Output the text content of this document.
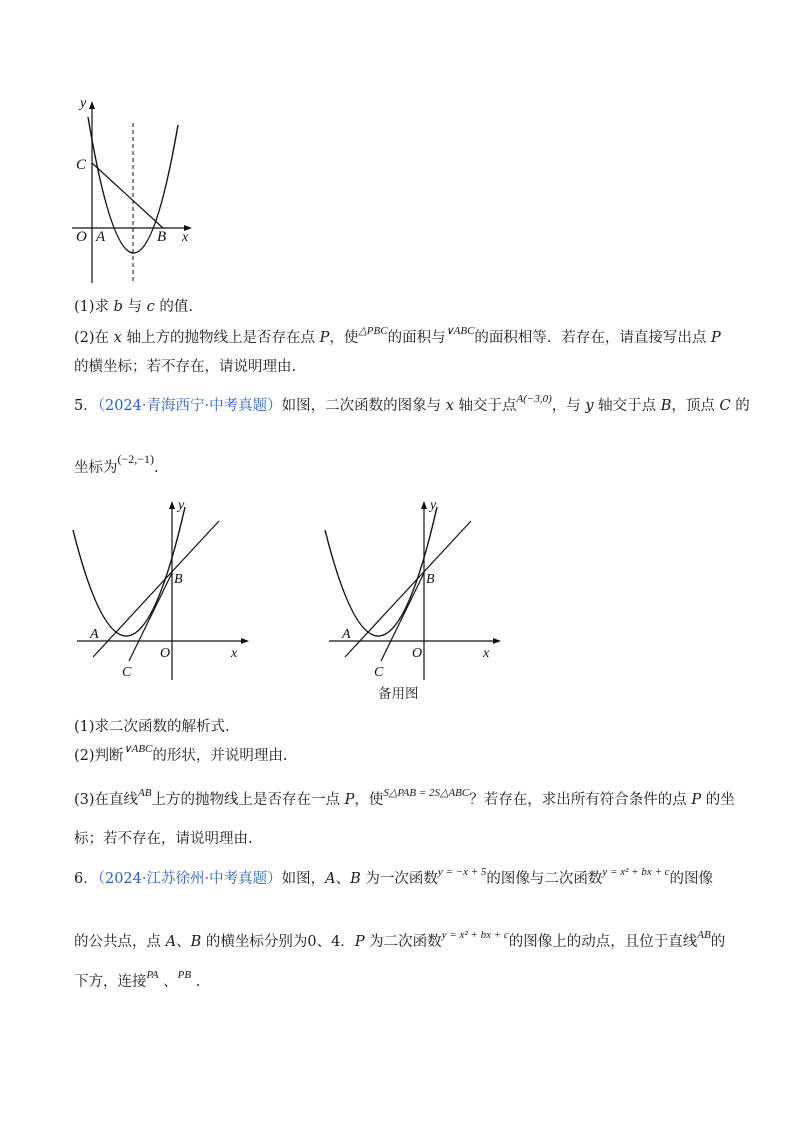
y
C
O A	B x
(1)求 b 与 c 的值.
(2)在 x 轴上方的抛物线上是否存在点 P，使$^{\triangle PBC}$的面积与$^{\vee ABC}$的面积相等．若存在，请直接写出点 P
的横坐标；若不存在，请说明理由.
5．（2024·青海西宁·中考真题）如图，二次函数的图象与 x 轴交于点$^{A(-3,0)}$，与 y 轴交于点 B，顶点 C 的
坐标为$^{(-2,-1)}$.
y
B
A
O	x
C
y
B
A
O	x
C
备用图
(1)求二次函数的解析式.
(2)判断$^{\vee ABC}$的形状，并说明理由.
(3)在直线$^{AB}$上方的抛物线上是否存在一点 P，使$^{S\triangle PAB = 2S\triangle ABC}$？若存在，求出所有符合条件的点 P 的坐
标；若不存在，请说明理由.
6．（2024·江苏徐州·中考真题）如图，A、B 为一次函数$^{y = -x + 5}$的图像与二次函数$^{y = x^2 + bx + c}$的图像
的公共点，点 A、B 的横坐标分别为0、4．P 为二次函数$^{y = x^2 + bx + c}$的图像上的动点，且位于直线$^{AB}$的
下方，连接$^{PA}$ 、$^{PB}$ .
